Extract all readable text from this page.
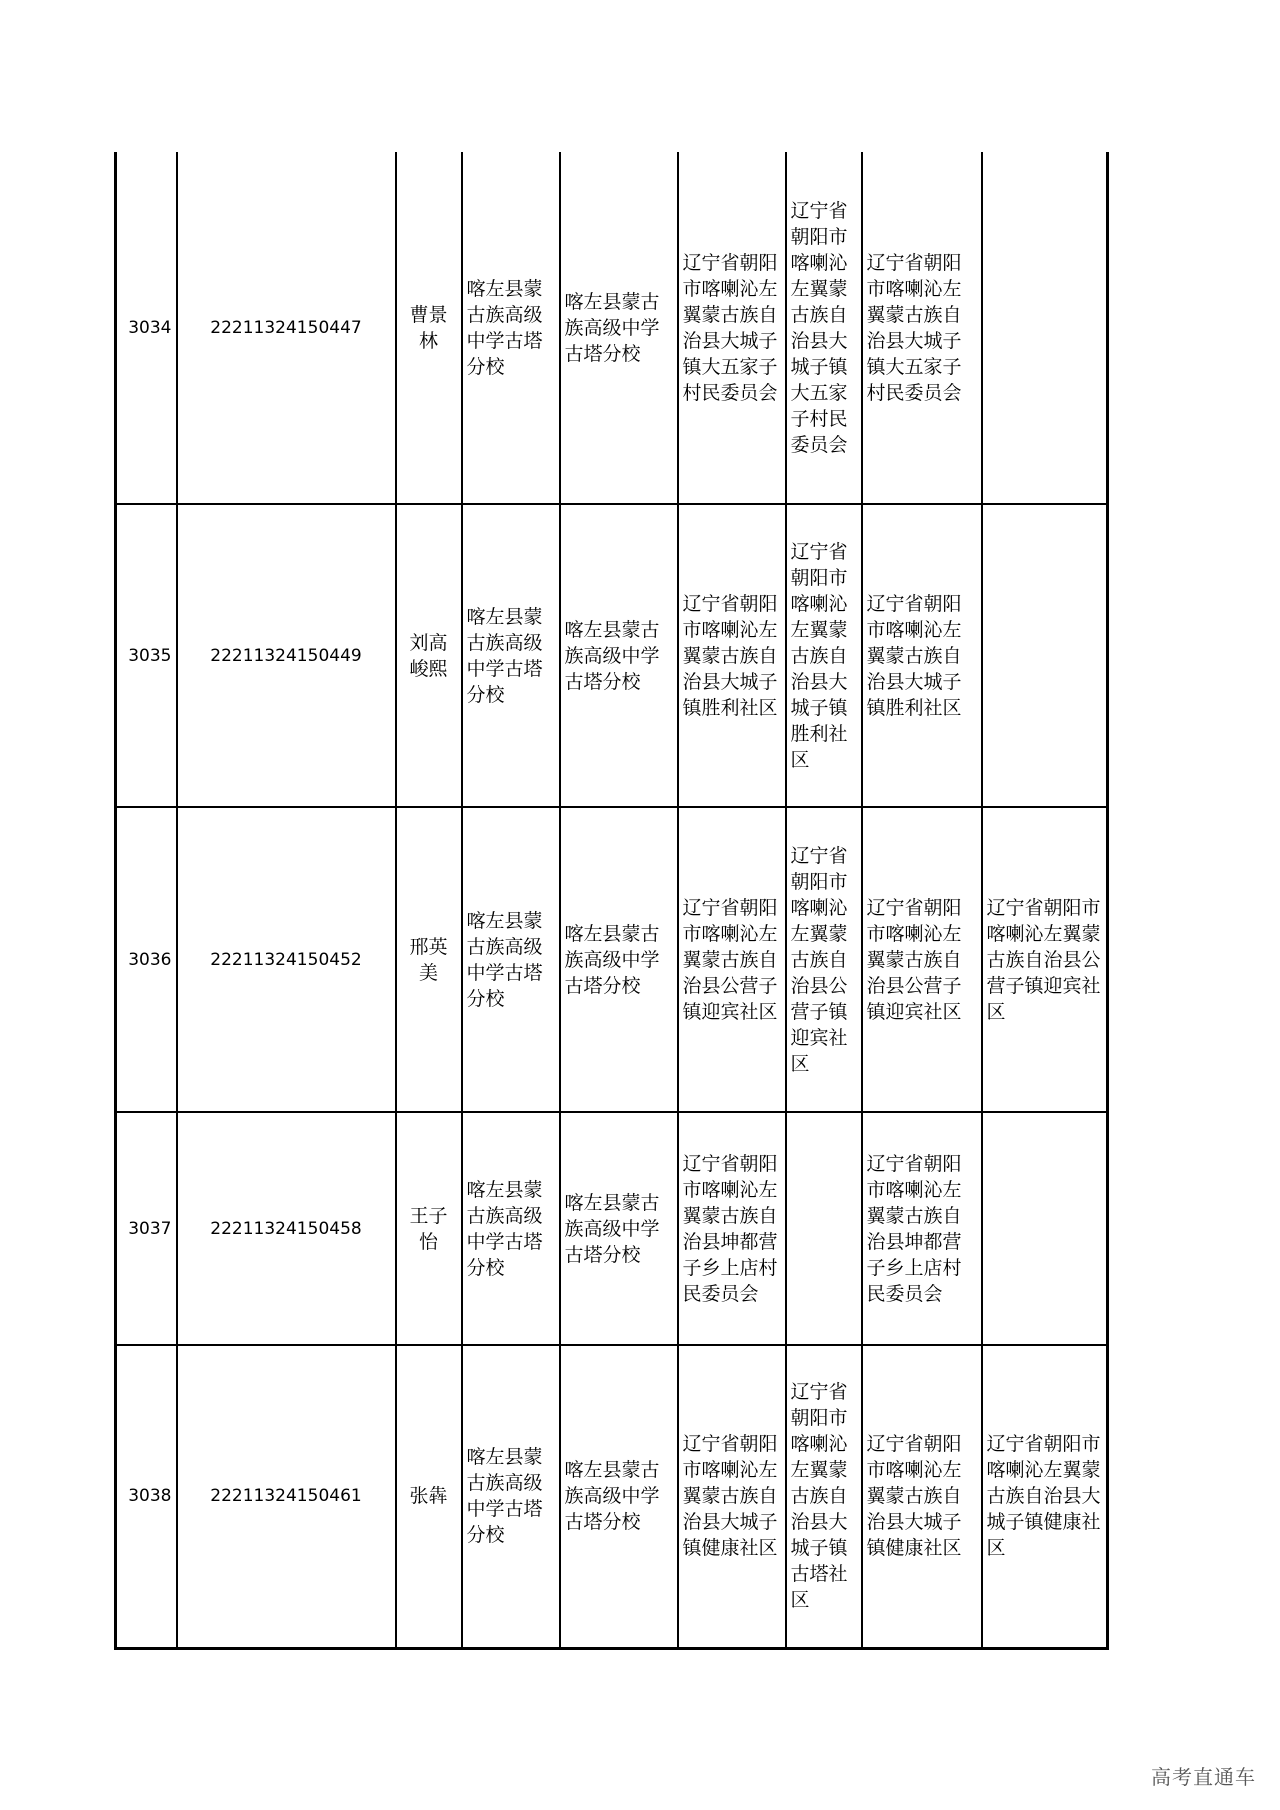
3034	22211324150447	曹景林	喀左县蒙古族高级中学古塔分校	喀左县蒙古族高级中学古塔分校	辽宁省朝阳市喀喇沁左翼蒙古族自治县大城子镇大五家子村民委员会	辽宁省朝阳市喀喇沁左翼蒙古族自治县大城子镇大五家子村民委员会	辽宁省朝阳市喀喇沁左翼蒙古族自治县大城子镇大五家子村民委员会	
3035	22211324150449	刘高峻熙	喀左县蒙古族高级中学古塔分校	喀左县蒙古族高级中学古塔分校	辽宁省朝阳市喀喇沁左翼蒙古族自治县大城子镇胜利社区	辽宁省朝阳市喀喇沁左翼蒙古族自治县大城子镇胜利社区	辽宁省朝阳市喀喇沁左翼蒙古族自治县大城子镇胜利社区	
3036	22211324150452	邢英美	喀左县蒙古族高级中学古塔分校	喀左县蒙古族高级中学古塔分校	辽宁省朝阳市喀喇沁左翼蒙古族自治县公营子镇迎宾社区	辽宁省朝阳市喀喇沁左翼蒙古族自治县公营子镇迎宾社区	辽宁省朝阳市喀喇沁左翼蒙古族自治县公营子镇迎宾社区	辽宁省朝阳市喀喇沁左翼蒙古族自治县公营子镇迎宾社区
3037	22211324150458	王子怡	喀左县蒙古族高级中学古塔分校	喀左县蒙古族高级中学古塔分校	辽宁省朝阳市喀喇沁左翼蒙古族自治县坤都营子乡上店村民委员会		辽宁省朝阳市喀喇沁左翼蒙古族自治县坤都营子乡上店村民委员会	
3038	22211324150461	张犇	喀左县蒙古族高级中学古塔分校	喀左县蒙古族高级中学古塔分校	辽宁省朝阳市喀喇沁左翼蒙古族自治县大城子镇健康社区	辽宁省朝阳市喀喇沁左翼蒙古族自治县大城子镇古塔社区	辽宁省朝阳市喀喇沁左翼蒙古族自治县大城子镇健康社区	辽宁省朝阳市喀喇沁左翼蒙古族自治县大城子镇健康社区
高考直通车
